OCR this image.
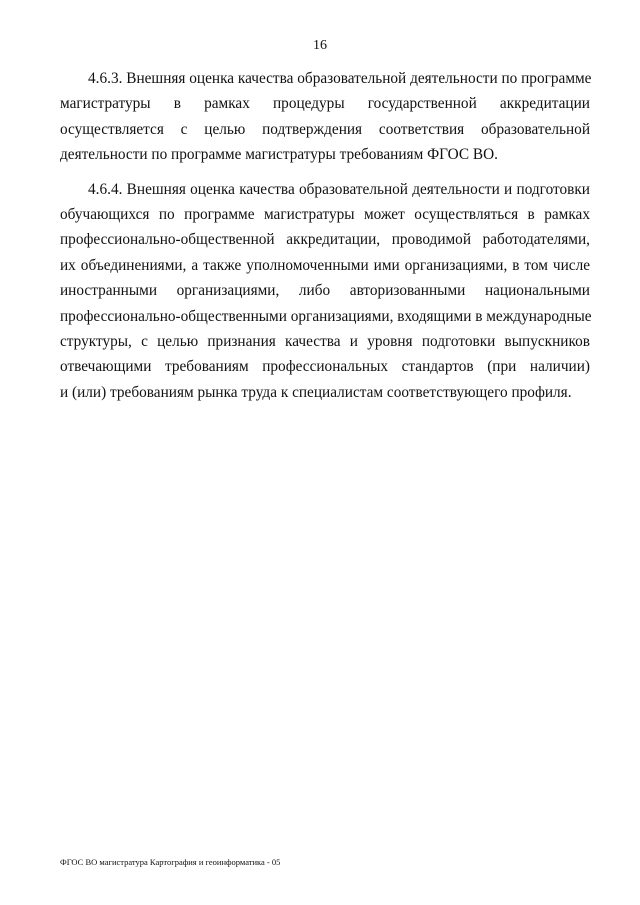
16

4.6.3. Внешняя оценка качества образовательной деятельности по программе
магистратуры в рамках процедуры государственной аккредитации
осуществляется с целью подтверждения соответствия образовательной
деятельности по программе магистратуры требованиям ФГОС ВО.

4.6.4. Внешняя оценка качества образовательной деятельности и подготовки
обучающихся по программе магистратуры может осуществляться в рамках
профессионально-общественной аккредитации, проводимой работодателями,
их объединениями, а также уполномоченными ими организациями, в том числе
иностранными организациями, либо авторизованными национальными
профессионально-общественными организациями, входящими в международные
структуры, с целью признания качества и уровня подготовки выпускников
отвечающими требованиям профессиональных стандартов (при наличии)
и (или) требованиям рынка труда к специалистам соответствующего профиля.

ФГОС ВО магистратура Картография и геоинформатика - 05
